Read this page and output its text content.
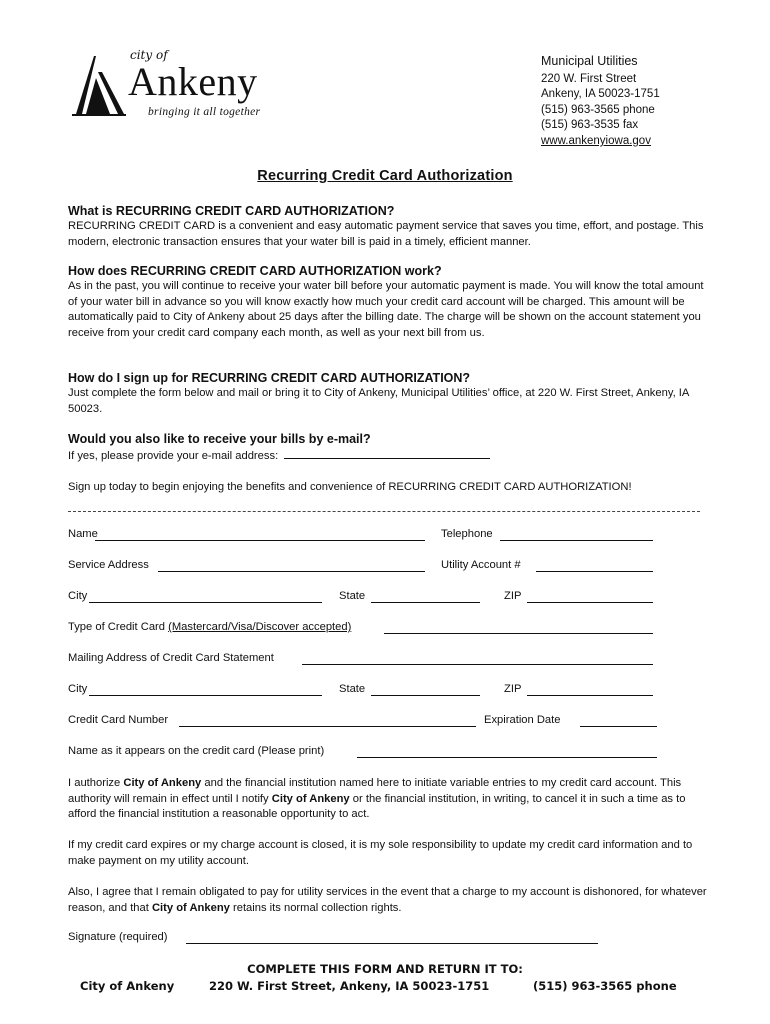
city of
Ankeny
bringing it all together
Municipal Utilities
220 W. First Street
Ankeny, IA 50023-1751
(515) 963-3565 phone
(515) 963-3535 fax
www.ankenyiowa.gov
Recurring Credit Card Authorization
What is RECURRING CREDIT CARD AUTHORIZATION?

RECURRING CREDIT CARD is a convenient and easy automatic payment service that saves you time, effort, and postage. This modern, electronic transaction ensures that your water bill is paid in a timely, efficient manner.

How does RECURRING CREDIT CARD AUTHORIZATION work?

As in the past, you will continue to receive your water bill before your automatic payment is made. You will know the total amount of your water bill in advance so you will know exactly how much your credit card account will be charged. This amount will be automatically paid to City of Ankeny about 25 days after the billing date. The charge will be shown on the account statement you receive from your credit card company each month, as well as your next bill from us.

How do I sign up for RECURRING CREDIT CARD AUTHORIZATION?

Just complete the form below and mail or bring it to City of Ankeny, Municipal Utilities’ office, at 220 W. First Street, Ankeny, IA 50023.

Would you also like to receive your bills by e-mail?

If yes, please provide your e-mail address:

Sign up today to begin enjoying the benefits and convenience of RECURRING CREDIT CARD AUTHORIZATION!

Name	Telephone
Service Address	Utility Account #
City	State	ZIP
Type of Credit Card (Mastercard/Visa/Discover accepted)
Mailing Address of Credit Card Statement
City	State	ZIP
Credit Card Number	Expiration Date
Name as it appears on the credit card (Please print)

I authorize City of Ankeny and the financial institution named here to initiate variable entries to my credit card account. This authority will remain in effect until I notify City of Ankeny or the financial institution, in writing, to cancel it in such a time as to afford the financial institution a reasonable opportunity to act.

If my credit card expires or my charge account is closed, it is my sole responsibility to update my credit card information and to make payment on my utility account.

Also, I agree that I remain obligated to pay for utility services in the event that a charge to my account is dishonored, for whatever reason, and that City of Ankeny retains its normal collection rights.

Signature (required)
COMPLETE THIS FORM AND RETURN IT TO:
City of Ankeny	220 W. First Street, Ankeny, IA 50023-1751	(515) 963-3565 phone
